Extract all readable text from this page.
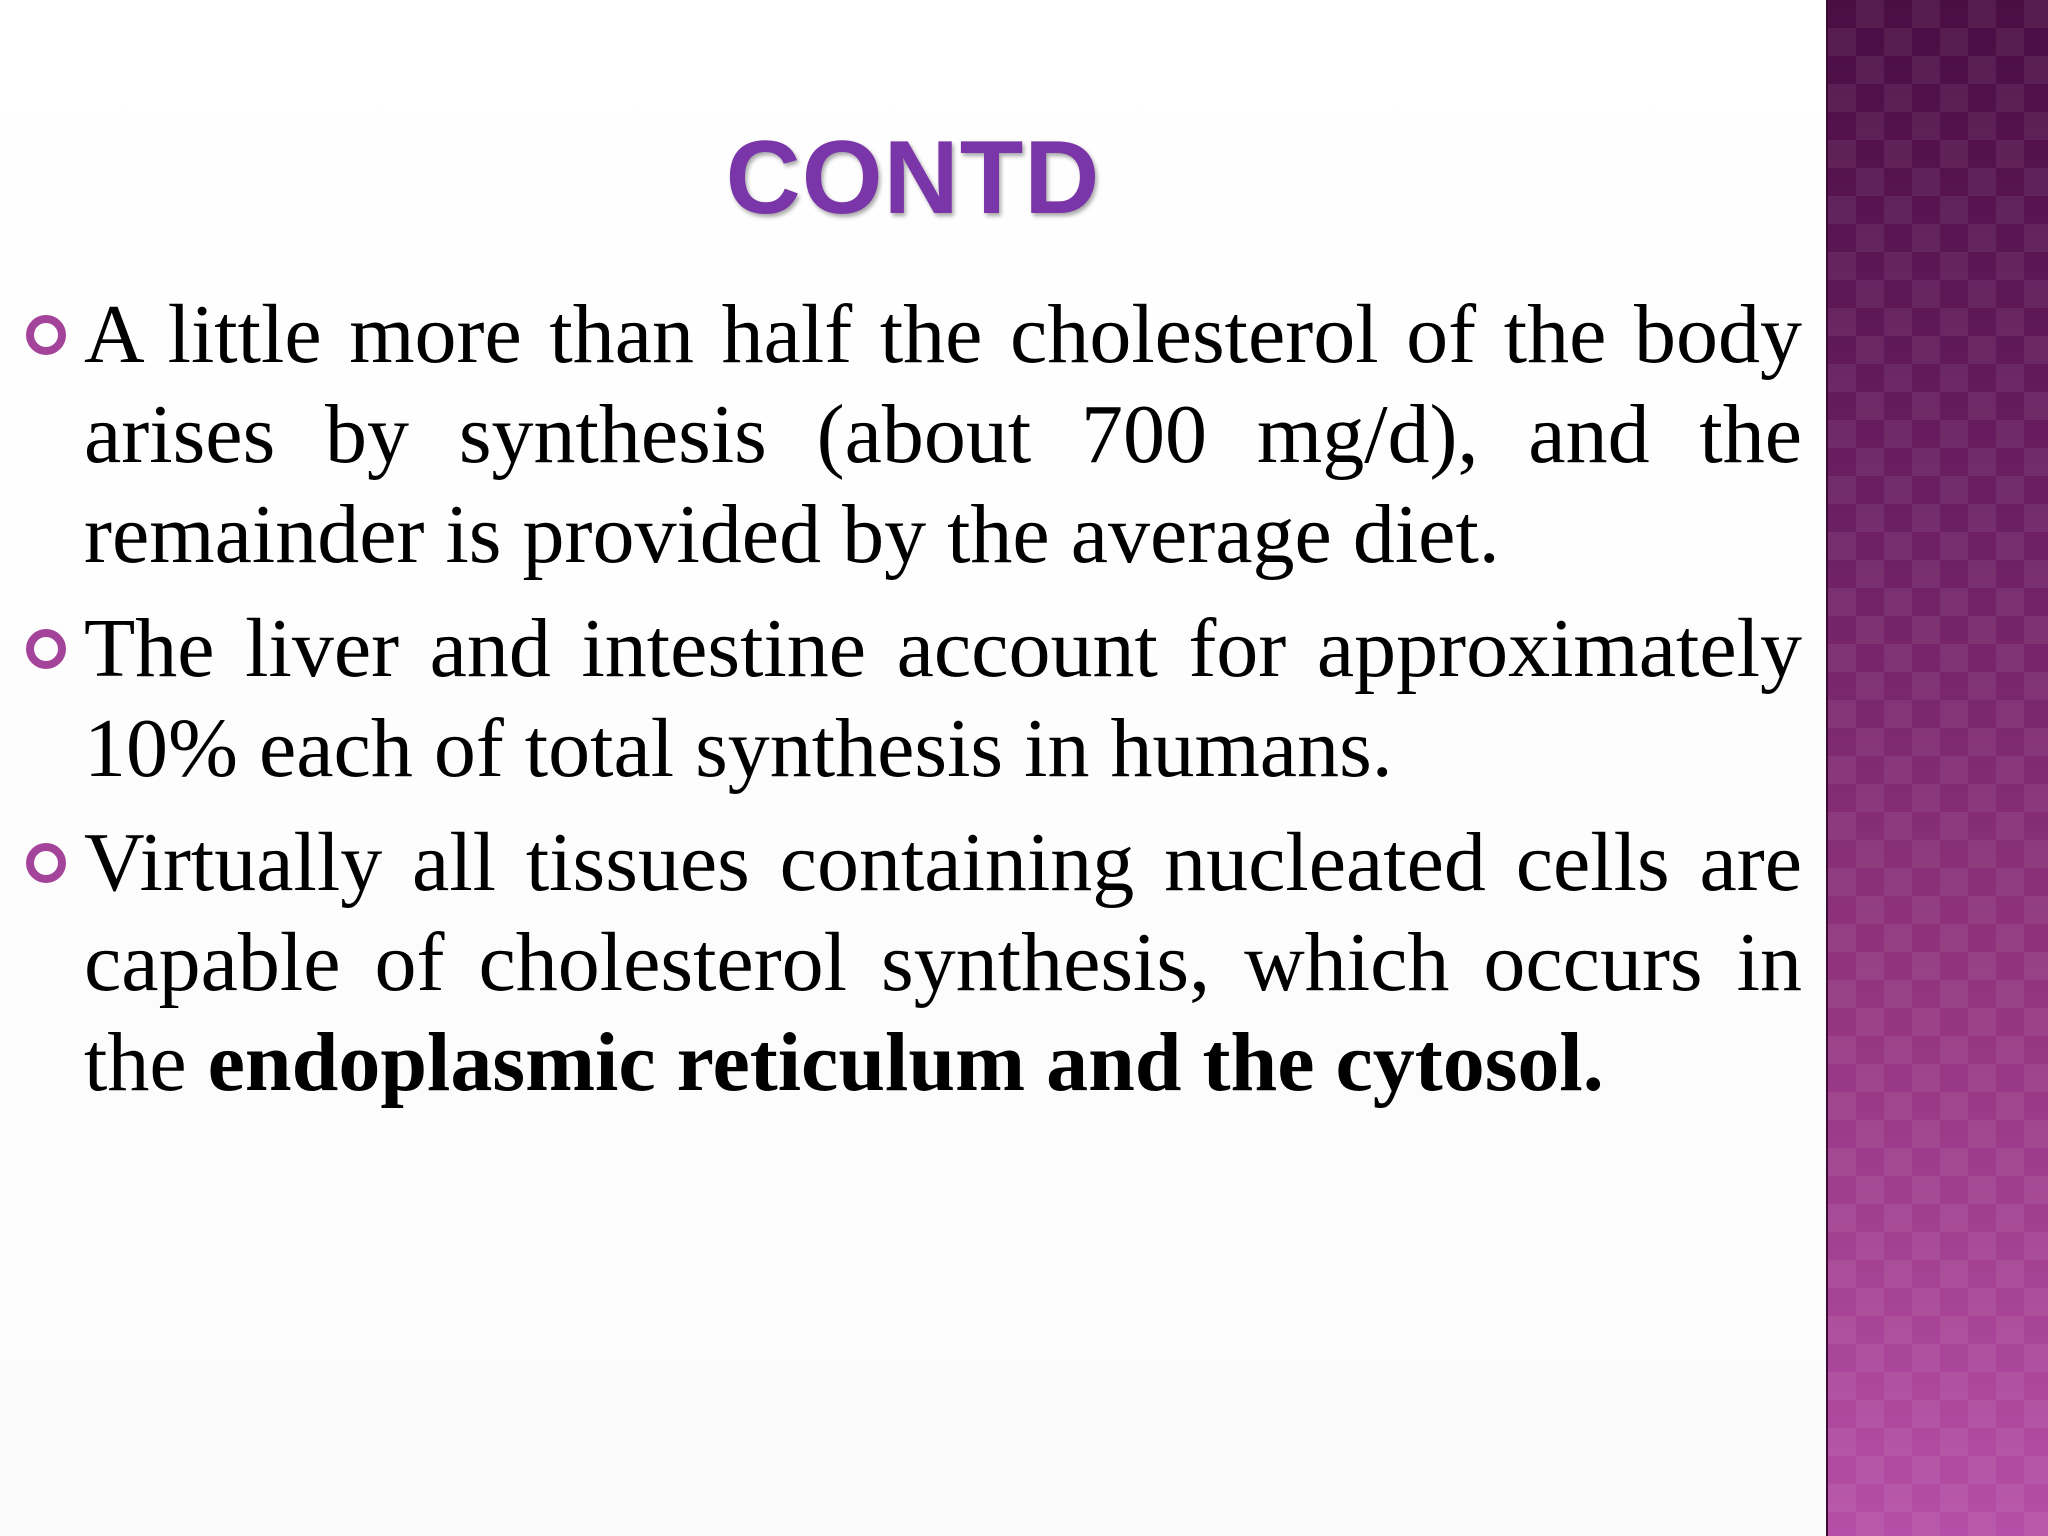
CONTD
A little more than half the cholesterol of the body arises by synthesis (about 700 mg/d), and the remainder is provided by the average diet.
The liver and intestine account for approximately 10% each of total synthesis in humans.
Virtually all tissues containing nucleated cells are capable of cholesterol synthesis, which occurs in the endoplasmic reticulum and the cytosol.
